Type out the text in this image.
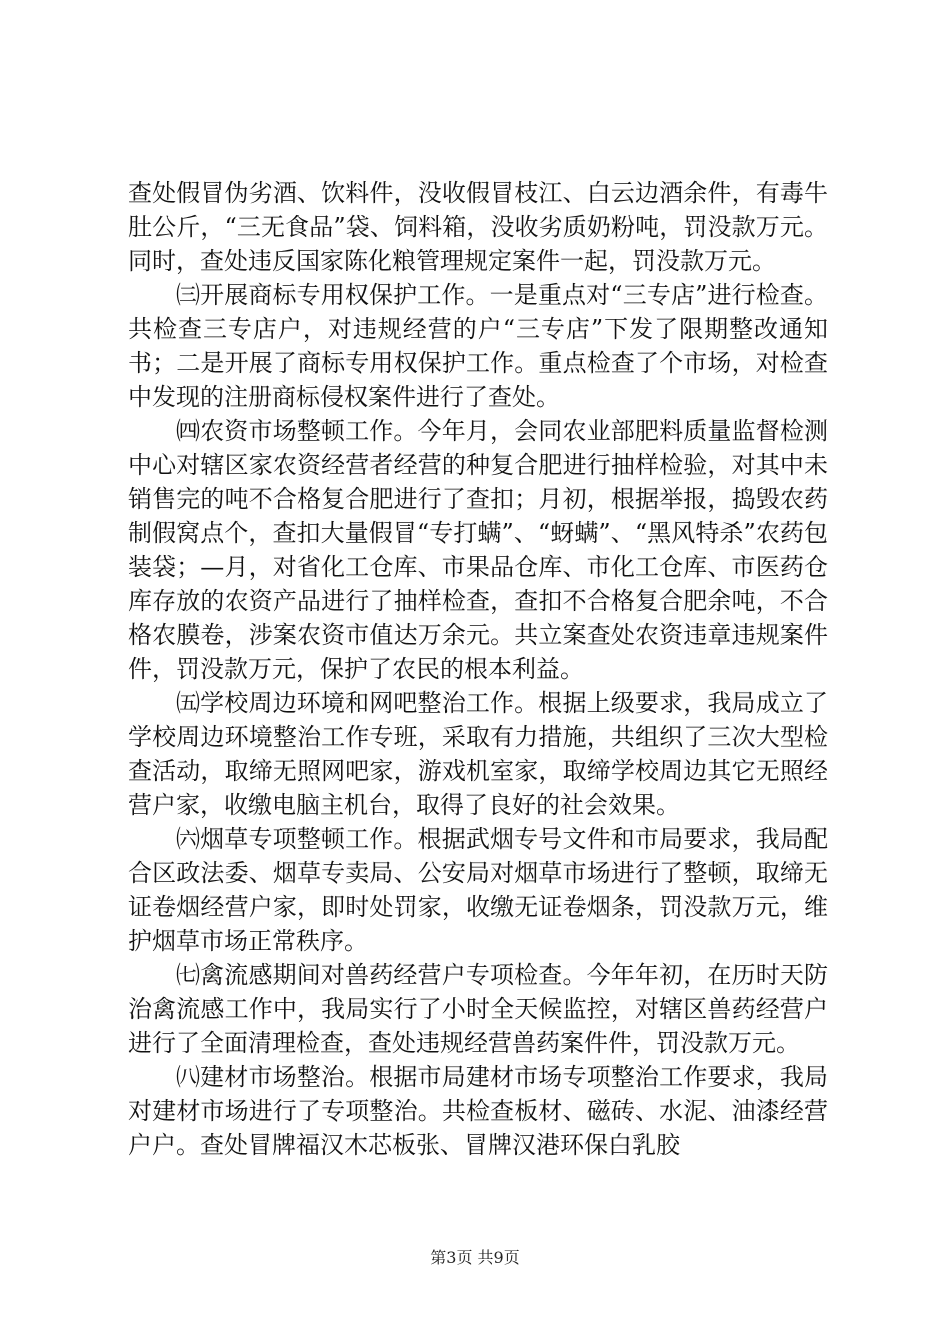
查处假冒伪劣酒、饮料件，没收假冒枝江、白云边酒余件，有毒牛肚公斤，“三无食品”袋、饲料箱，没收劣质奶粉吨，罚没款万元。同时，查处违反国家陈化粮管理规定案件一起，罚没款万元。

㈢开展商标专用权保护工作。一是重点对“三专店”进行检查。共检查三专店户，对违规经营的户“三专店”下发了限期整改通知书；二是开展了商标专用权保护工作。重点检查了个市场，对检查中发现的注册商标侵权案件进行了查处。

㈣农资市场整顿工作。今年月，会同农业部肥料质量监督检测中心对辖区家农资经营者经营的种复合肥进行抽样检验，对其中未销售完的吨不合格复合肥进行了查扣；月初，根据举报，捣毁农药制假窝点个，查扣大量假冒“专打螨”、“蚜螨”、“黑风特杀”农药包装袋；—月，对省化工仓库、市果品仓库、市化工仓库、市医药仓库存放的农资产品进行了抽样检查，查扣不合格复合肥余吨，不合格农膜卷，涉案农资市值达万余元。共立案查处农资违章违规案件件，罚没款万元，保护了农民的根本利益。

㈤学校周边环境和网吧整治工作。根据上级要求，我局成立了学校周边环境整治工作专班，采取有力措施，共组织了三次大型检查活动，取缔无照网吧家，游戏机室家，取缔学校周边其它无照经营户家，收缴电脑主机台，取得了良好的社会效果。

㈥烟草专项整顿工作。根据武烟专号文件和市局要求，我局配合区政法委、烟草专卖局、公安局对烟草市场进行了整顿，取缔无证卷烟经营户家，即时处罚家，收缴无证卷烟条，罚没款万元，维护烟草市场正常秩序。

㈦禽流感期间对兽药经营户专项检查。今年年初，在历时天防治禽流感工作中，我局实行了小时全天候监控，对辖区兽药经营户进行了全面清理检查，查处违规经营兽药案件件，罚没款万元。

㈧建材市场整治。根据市局建材市场专项整治工作要求，我局对建材市场进行了专项整治。共检查板材、磁砖、水泥、油漆经营户户。查处冒牌福汉木芯板张、冒牌汉港环保白乳胶

第3页 共9页
